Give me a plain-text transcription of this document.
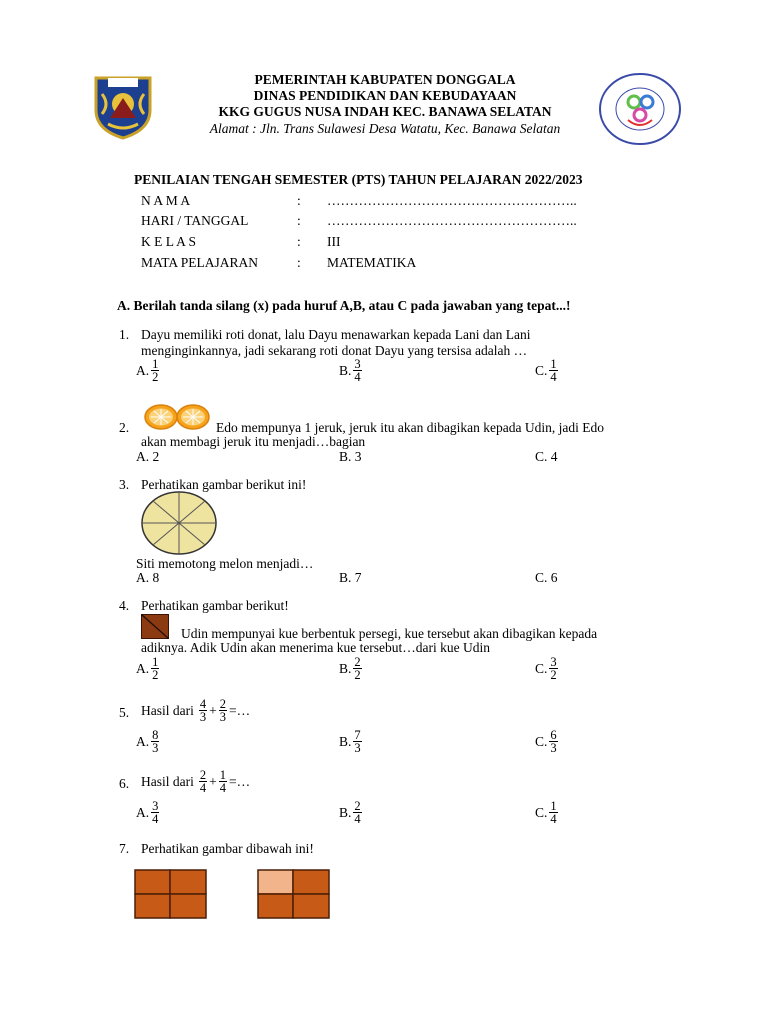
PEMERINTAH KABUPATEN DONGGALA
DINAS PENDIDIKAN DAN KEBUDAYAAN
KKG GUGUS NUSA INDAH KEC. BANAWA SELATAN
Alamat : Jln. Trans Sulawesi Desa Watatu, Kec. Banawa Selatan
PENILAIAN TENGAH SEMESTER (PTS) TAHUN PELAJARAN 2022/2023
N A M A	: ………………………………………………..
HARI / TANGGAL	: ………………………………………………..
K E L A S	: III
MATA PELAJARAN	: MATEMATIKA
A. Berilah tanda silang (x) pada huruf A,B, atau C pada jawaban yang tepat...!
1. Dayu memiliki roti donat, lalu Dayu menawarkan kepada Lani dan Lani
menginginkannya, jadi sekarang roti donat Dayu yang tersisa adalah …
A. $\frac{1}{2}$	B. $\frac{3}{4}$	C. $\frac{1}{4}$
2.	Edo mempunya 1 jeruk, jeruk itu akan dibagikan kepada Udin, jadi Edo
akan membagi jeruk itu menjadi…bagian
A. 2	B. 3	C. 4
3. Perhatikan gambar berikut ini!
Siti memotong melon menjadi…
A. 8	B. 7	C. 6
4. Perhatikan gambar berikut!
Udin mempunyai kue berbentuk persegi, kue tersebut akan dibagikan kepada
adiknya. Adik Udin akan menerima kue tersebut…dari kue Udin
A. $\frac{1}{2}$	B. $\frac{2}{2}$	C. $\frac{3}{2}$
5. Hasil dari $\frac{4}{3} + \frac{2}{3}$ =…
A. $\frac{8}{3}$	B. $\frac{7}{3}$	C. $\frac{6}{3}$
6. Hasil dari $\frac{2}{4} + \frac{1}{4}$ =…
A. $\frac{3}{4}$	B. $\frac{2}{4}$	C. $\frac{1}{4}$
7. Perhatikan gambar dibawah ini!
